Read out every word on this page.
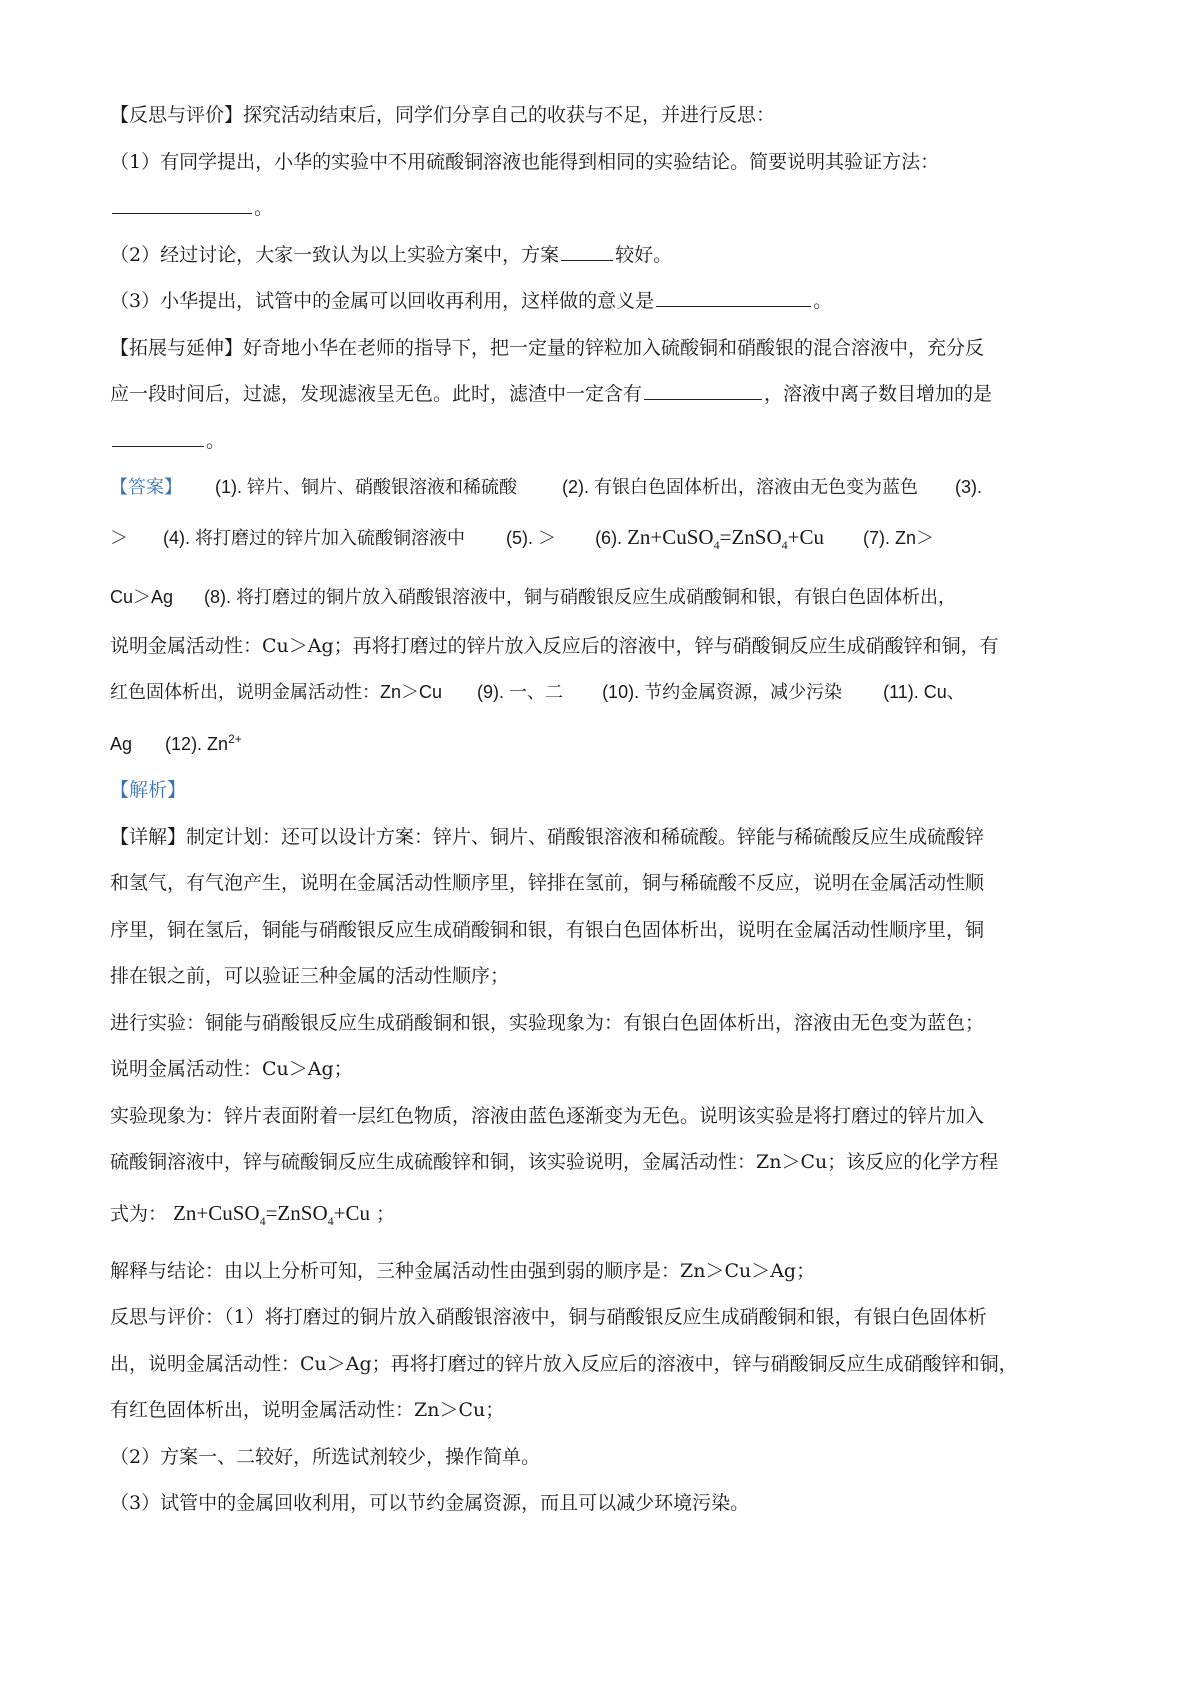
【反思与评价】探究活动结束后，同学们分享自己的收获与不足，并进行反思：
（1）有同学提出，小华的实验中不用硫酸铜溶液也能得到相同的实验结论。简要说明其验证方法：
。
（2）经过讨论，大家一致认为以上实验方案中，方案	较好。
（3）小华提出，试管中的金属可以回收再利用，这样做的意义是	。
【拓展与延伸】好奇地小华在老师的指导下，把一定量的锌粒加入硫酸铜和硝酸银的混合溶液中，充分反
应一段时间后，过滤，发现滤液呈无色。此时，滤渣中一定含有	，溶液中离子数目增加的是
。
【答案】 (1). 锌片、铜片、硝酸银溶液和稀硫酸	(2). 有银白色固体析出，溶液由无色变为蓝色 (3).
＞ (4). 将打磨过的锌片加入硫酸铜溶液中 (5). ＞ (6). Zn+CuSO$_4$=ZnSO$_4$+Cu (7). Zn＞
Cu＞Ag (8). 将打磨过的铜片放入硝酸银溶液中，铜与硝酸银反应生成硝酸铜和银，有银白色固体析出，
说明金属活动性：Cu＞Ag；再将打磨过的锌片放入反应后的溶液中，锌与硝酸铜反应生成硝酸锌和铜，有
红色固体析出，说明金属活动性：Zn＞Cu (9). 一、二 (10). 节约金属资源，减少污染 (11). Cu、
Ag (12). $Zn^{2+}$
【解析】
【详解】制定计划：还可以设计方案：锌片、铜片、硝酸银溶液和稀硫酸。锌能与稀硫酸反应生成硫酸锌
和氢气，有气泡产生，说明在金属活动性顺序里，锌排在氢前，铜与稀硫酸不反应，说明在金属活动性顺
序里，铜在氢后，铜能与硝酸银反应生成硝酸铜和银，有银白色固体析出，说明在金属活动性顺序里，铜
排在银之前，可以验证三种金属的活动性顺序；
进行实验：铜能与硝酸银反应生成硝酸铜和银，实验现象为：有银白色固体析出，溶液由无色变为蓝色；
说明金属活动性：Cu＞Ag；
实验现象为：锌片表面附着一层红色物质，溶液由蓝色逐渐变为无色。说明该实验是将打磨过的锌片加入
硫酸铜溶液中，锌与硫酸铜反应生成硫酸锌和铜，该实验说明，金属活动性：Zn＞Cu；该反应的化学方程
式为： Zn+CuSO$_4$=ZnSO$_4$+Cu ；
解释与结论：由以上分析可知，三种金属活动性由强到弱的顺序是：Zn＞Cu＞Ag；
反思与评价：（1）将打磨过的铜片放入硝酸银溶液中，铜与硝酸银反应生成硝酸铜和银，有银白色固体析
出，说明金属活动性：Cu＞Ag；再将打磨过的锌片放入反应后的溶液中，锌与硝酸铜反应生成硝酸锌和铜，
有红色固体析出，说明金属活动性：Zn＞Cu；
（2）方案一、二较好，所选试剂较少，操作简单。
（3）试管中的金属回收利用，可以节约金属资源，而且可以减少环境污染。
